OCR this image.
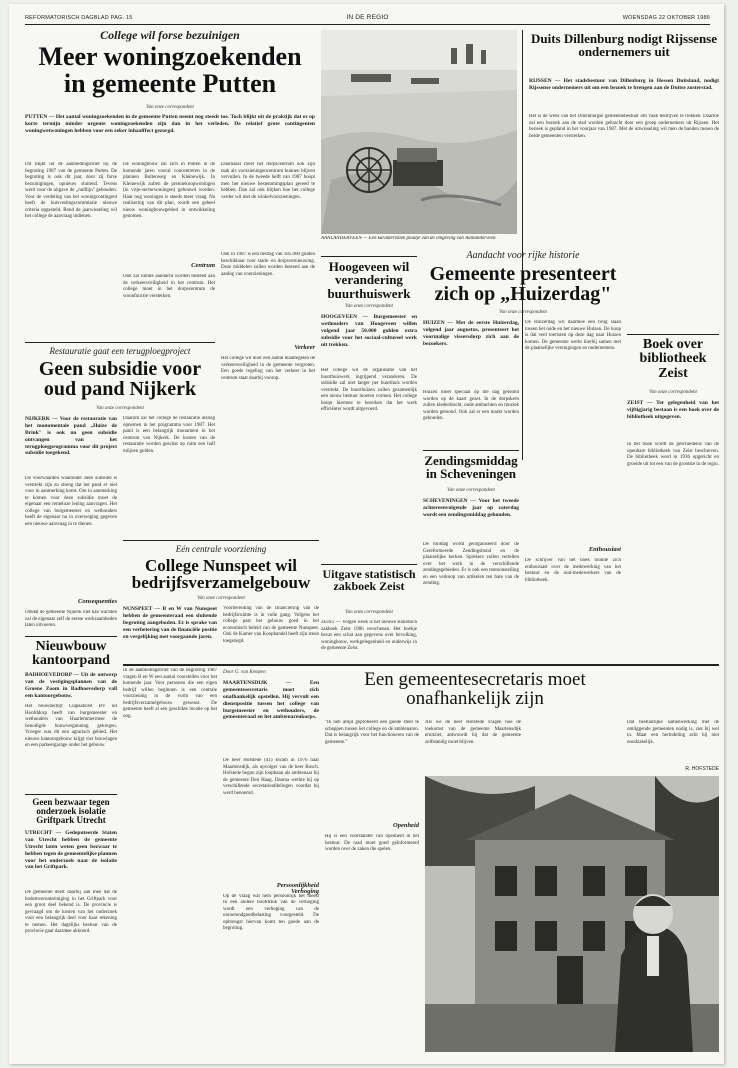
REFORMATORISCH DAGBLAD PAG. 15	IN DE REGIO	WOENSDAG 22 OKTOBER 1986
College wil forse bezuinigen
Meer woningzoekenden in gemeente Putten
Van onze correspondent
PUTTEN — Het aantal woningzoekenden in de gemeente Putten neemt nog steeds toe. Toch blijkt uit de praktijk dat er op korte termijn minder urgente woningzoekenden zijn dan in het verleden. De relatief grote contingenten woningwetwoningen hebben voor een zeker inhaalffect gezorgd.
Dit blijkt uit de aanbiedingsbrief bij de begroting 1987 van de gemeente Putten. De begroting is ook dit jaar, door zij forse bezuinigingen, opnieuw sluitend. Tevens werd voor de uitgave de „nulllijn" gehouden. Voor de verdeling van het woningcontingent heeft de huisvestingscommissie nieuwe criteria opgesteld. Rond de jaarwisseling wil het college de aanvraag indienen.
De woningbouw zal zich in Putten in de komende jaren vooral concentreren in de plannen Bultenweg en Kleinewijk. In Kleinewijk zullen de premiekoopwoningen (in vrije-sectorwoningen) gebouwd worden. Haar nog woningen is steeds meer vraag. Na realisering van dit plan, wordt een geheel nieuw woningbouwgebied in ontwikkeling genomen.
Centrum
Ook zal ruimte aandacht worden besteed aan de verkeersveiligheid in het centrum. Het college moet in het dorpscentrum de woonfunctie versterken.
Daarnaast moet het dorpscentrum ook zijn taak als voorzieningencentrum kunnen blijven vervullen. In de tweede helft van 1987 hoopt men het nieuwe bestemmingsplan gereed te hebben. Dan zal ook blijken hoe het college verder wil met de winkelvoorzieningen.
Ook in 1987 is een bedrag van 185.000 gulden beschikbaar voor stads- en dorpsvernieuwing. Deze middelen zullen worden besteed aan de aanleg van voorzieningen.
Verkeer
Het college wil door een aantal maatregelen de verkeersveiligheid in de gemeente vergroten. Een goede regeling van het verkeer in het centrum staat daarbij voorop.
AANLANDERVEEN — Een karakteristiek plaatje van de omgeving van Aanlanderveen.
Duits Dillenburg nodigt Rijssense ondernemers uit
RIJSSEN — Het stadsbestuur van Dillenburg in Hessen Duitsland, nodigt Rijssense ondernemers uit om een bezoek te brengen aan de Duitse zusterstad.
Het is de wens van het Dillenburgse gemeentebestuur om vaak bedrijven te trekken. Daartoe zal een bezoek aan de stad worden gebracht door een groep ondernemers uit Rijssen. Het bezoek is gepland in het voorjaar van 1987. Met de uitwisseling wil men de banden tussen de beide gemeenten versterken.
Restauratie gaat een terugploegproject
Geen subsidie voor oud pand Nijkerk
Van onze correspondent
NIJKERK — Voor de restauratie van het monumentale pand „Huize de Brink" is ook nu geen subsidie ontvangen van het terugploegprogramma voor dit project subsidie toegekend.
De voorwaarden waaronder deze subsidie is verstrekt zijn zo streng dat het pand er niet voor in aanmerking komt. Om in aanmerking te komen voor deze subsidie moet de eigenaar een renteloze lening aanvragen. Het college van burgemeester en wethouders heeft de eigenaar nu in overweging gegeven een nieuwe aanvraag in te dienen.
Consequenties
Omdat de gemeente Nijkerk niet kan wachten zal de eigenaar zelf de eerste werkzaamheden laten uitvoeren.
Daarom zal het college de restauratie alsnog opnemen in het programma voor 1987. Het pand is een belangrijk monument in het centrum van Nijkerk. De kosten van de restauratie worden geschat op ruim een half miljoen gulden.
Eén centrale voorziening
College Nunspeet wil bedrijfsverzamelgebouw
Van onze correspondent
NUNSPEET — B en W van Nunspeet hebben de gemeenteraad een sluitende begroting aangeboden. Er is sprake van een verbetering van de financiële positie en vergelijking met voorgaande jaren.
In de aanbiedingsbrief van de begroting 1987 vragen B en W een aantal voorstellen voor het komende jaar. Voor personen die een eigen bedrijf willen beginnen is een centrale voorziening in de vorm van een bedrijfsverzamelgebouw gewenst. De gemeente heeft al een geschikte locatie op het oog.
Voorbereiding van de financiering van de bedrijfsruimte is in volle gang. Volgens het college past het gebouw goed in het economisch beleid van de gemeente Nunspeet. Ook de Kamer van Koophandel heeft zijn steun toegezegd.
Verhoging
In een andere hoofdstuk van de verhoging wordt een verhoging van de onroerendgoedbelasting voorgesteld. De opbrengst hiervan komt ten goede aan de begroting.
Nieuwbouw kantoorpand
BADHOEVEDORP — Uit de ontwerp van de vestigingsplannen van de Groene Zoom in Badhoevedorp vall een kantoorgebouw.
Het bouwbedrijf Clapsaborst BV uit Hoofddorp heeft van burgemeester en wethouders van Haarlemmermeer de benodigde bouwvergunning gekregen. Vroeger was dit een agrarisch gebied. Het nieuwe kantoorgebouw krijgt vier bouwlagen en een parkeergarage onder het gebouw.
Geen bezwaar tegen onderzoek isolatie Griftpark Utrecht
UTRECHT — Gedeputeerde Staten van Utrecht hebben de gemeente Utrecht laten weten geen bezwaar te hebben tegen de gemeentelijke plannen voor het onderzoek naar de isolatie van het Griftpark.
De gemeente deelt daarbij aan mee dat de bodemverontreiniging in het Griftpark voor een groot deel bekend is. De provincie is gevraagd om de kosten van het onderzoek voor een belangrijk deel voor haar rekening te nemen. Het dagelijks bestuur van de provincie gaat daarmee akkoord.
Hoogeveen wil verandering buurthuiswerk
Van onze correspondent
HOOGEVEEN — Burgemeester en wethouders van Hoogeveen willen volgend jaar 50.000 gulden extra subsidie voor het sociaal-cultureel werk uit trekken.
Het college wil de organisatie van het buurthuiswerk ingrijpend veranderen. De subsidie zal niet langer per buurthuis worden verstrekt. De buurthuizen zullen gezamenlijk een nieuw bestuur moeten vormen. Het college hoopt hiermee te bereiken dat het werk efficiënter wordt uitgevoerd.
Uitgave statistisch zakboek Zeist
Van onze correspondent
ZEIST — Volgen week is het nieuwe statistisch zakboek Zeist 1986 verschenen. Het boekje bevat een schat aan gegevens over bevolking, woningbouw, werkgelegenheid en onderwijs in de gemeente Zeist.
Aandacht voor rijke historie
Gemeente presenteert zich op „Huizerdag"
Van onze correspondent
HUIZEN — Met de eerste Huizerdag, volgend jaar augustus, presenteert het voormalige vissersdorp zich aan de bezoekers.
Huizen moet speciaal op die dag getoond worden op de kaart gezet. In de dorpskern zullen klederdracht, oude ambachten en muziek worden getoond. Ook zal er een markt worden gehouden.
De Huizerdag wil daarmee een brug slaan tussen het oude en het nieuwe Huizen. De hoop is dat veel toeristen op deze dag naar Huizen komen. De gemeente werkt hierbij samen met de plaatselijke verenigingen en ondernemers.
Zendingsmiddag in Scheveningen
Van onze correspondent
SCHEVENINGEN — Voor het tweede achtereenvolgende jaar op zaterdag wordt een zendingsmiddag gehouden.
De middag wordt georganiseerd door de Gereformeerde Zendingsbond en de plaatselijke kerken. Sprekers zullen vertellen over het werk in de verschillende zendingsgebieden. Er is ook een tentoonstelling en een verkoop van artikelen ten bate van de zending.
Boek over bibliotheek Zeist
Van onze correspondent
ZEIST — Ter gelegenheid van het vijftigjarig bestaan is een boek over de bibliotheek uitgegeven.
In het boek wordt de geschiedenis van de openbare bibliotheek van Zeist beschreven. De bibliotheek werd in 1936 opgericht en groeide uit tot een van de grootste in de regio.
Enthousiast
De schrijver van het boek toonde zich enthousiast over de medewerking van het bestuur en de oud-medewerkers van de bibliotheek.
Door G. van Kempen	Een gemeentesecretaris moet onafhankelijk zijn
MAARTENSDIJK — Een gemeentesecretaris moet zich onafhankelijk opstellen. Hij vervult een dienstpositie tussen het college van burgemeester en wethouders, de gemeenteraad en het ambtenarenkorps.
De heer Hofstede (41) kwam in 1976 naar Maartensdijk, als opvolger van de heer Bosch. Hofstede begon zijn loopbaan als ambtenaar bij de gemeente Den Haag. Daarna werkte hij op verschillende secretarieafdelingen voordat hij werd benoemd.
Persoonlijkheid
Op de vraag wat hem persoonlijk het meest
"Ik heb altijd geprobeerd een goede sfeer te scheppen tussen het college en de ambtenaren. Dat is belangrijk voor het functioneren van de gemeente."
Openheid
Hij is een voorstander van openheid in het bestuur. De raad moet goed geïnformeerd worden over de zaken die spelen.
Als we de heer Hofstede vragen hoe de toekomst van de gemeente Maartensdijk eruitziet, antwoordt hij dat de gemeente zelfstandig moet blijven.
Dat bestuurlijke samenwerking met de omliggende gemeenten nodig is, ziet hij wel in. Maar een herindeling acht hij niet noodzakelijk.
R. HOFSTEDE
